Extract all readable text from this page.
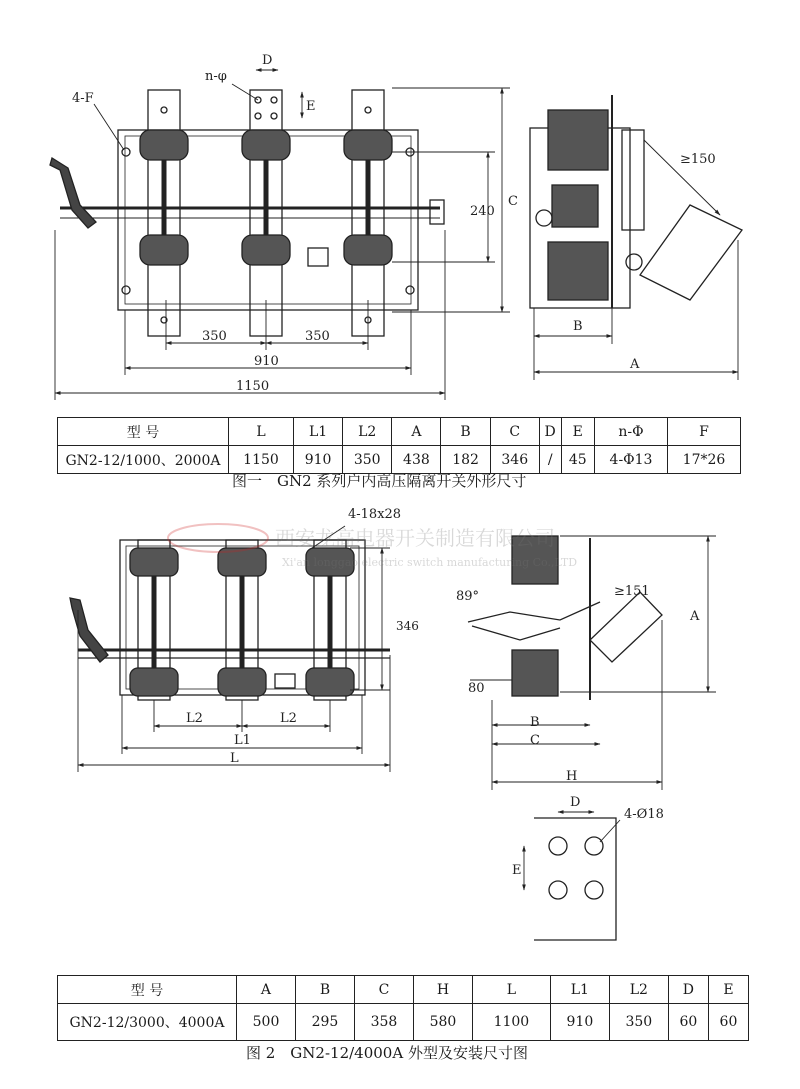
4-F
n-φ
D
E
240
C
≥150
350	350
910
1150
B
A
4-18x28
346
L2	L2
L1
L
89°	≥151
80
A
B
C
H
D
4-Ø18
E
西安龙高电器开关制造有限公司
Xi'an longgao electric switch manufacturing Co.,LTD
型 号	L	L1	L2	A	B	C	D	E	n-Φ	F
GN2-12/1000、2000A	1150	910	350	438	182	346	/	45	4-Φ13	17*26
图一　GN2 系列户内高压隔离开关外形尺寸
型 号	A	B	C	H	L	L1	L2	D	E
GN2-12/3000、4000A	500	295	358	580	1100	910	350	60	60
图 2　GN2-12/4000A 外型及安装尺寸图
